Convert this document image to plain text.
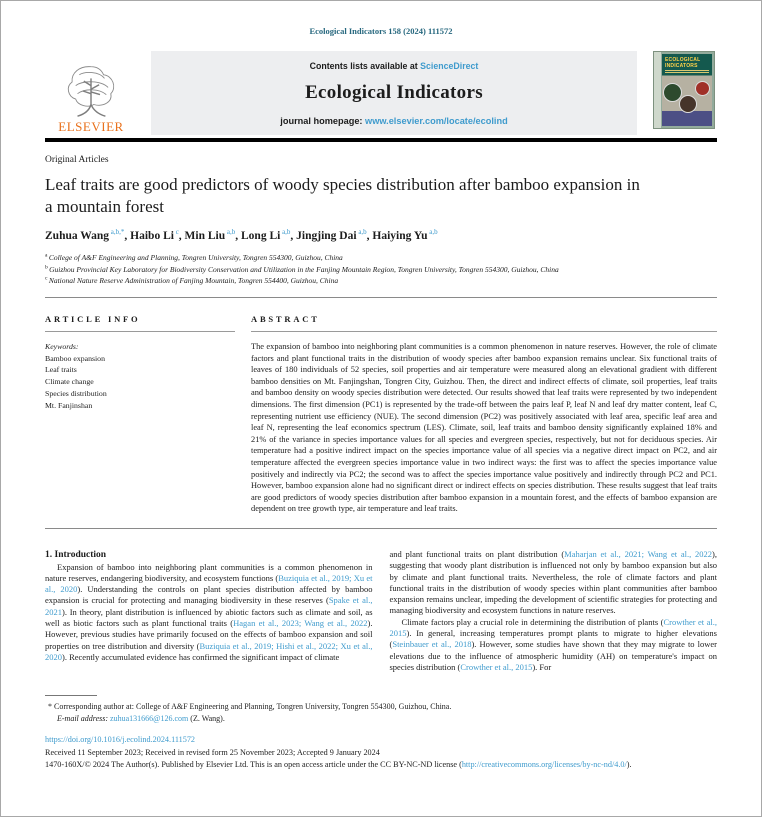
Ecological Indicators 158 (2024) 111572
ELSEVIER
Contents lists available at ScienceDirect
Ecological Indicators
journal homepage: www.elsevier.com/locate/ecolind
ECOLOGICAL
INDICATORS
Original Articles
Leaf traits are good predictors of woody species distribution after bamboo expansion in a mountain forest
Zuhua Wang $^{a,b,*}$, Haibo Li $^c$, Min Liu $^{a,b}$, Long Li $^{a,b}$, Jingjing Dai $^{a,b}$, Haiying Yu $^{a,b}$
$^a$ College of A&F Engineering and Planning, Tongren University, Tongren 554300, Guizhou, China
$^b$ Guizhou Provincial Key Laboratory for Biodiversity Conservation and Utilization in the Fanjing Mountain Region, Tongren University, Tongren 554300, Guizhou, China
$^c$ National Nature Reserve Administration of Fanjing Mountain, Tongren 554400, Guizhou, China
ARTICLE INFO
Keywords:
Bamboo expansion
Leaf traits
Climate change
Species distribution
Mt. Fanjinshan
ABSTRACT

The expansion of bamboo into neighboring plant communities is a common phenomenon in nature reserves. However, the role of climate factors and plant functional traits in the distribution of woody species after bamboo expansion remains unclear. Six functional traits of leaves of 180 individuals of 52 species, soil properties and air temperature were measured along an elevational gradient with different bamboo densities on Mt. Fanjingshan, Tongren City, Guizhou. Then, the direct and indirect effects of climate, soil properties, leaf traits and bamboo density on woody species distribution were detected. Our results showed that leaf traits were represented by two independent dimensions. The first dimension (PC1) is represented by the trade-off between the pairs leaf P, leaf N and leaf dry matter content, leaf C, representing nutrient use efficiency (NUE). The second dimension (PC2) was positively associated with leaf area, specific leaf area and leaf N, representing the leaf economics spectrum (LES). Climate, soil, leaf traits and bamboo density significantly explained 18% and 21% of the variance in species importance values for all species and evergreen species, respectively, but not for deciduous species. Air temperature had a positive indirect impact on the species importance value of all species via a negative direct impact on PC2, and air temperature affected the evergreen species importance value in two indirect ways: the first was to affect the species importance value positively and indirectly via PC2; the second was to affect the species importance value positively and indirectly through PC2 and PC1. However, bamboo expansion alone had no significant direct or indirect effects on species distribution. These results suggest that leaf traits are good predictors of woody species distribution after bamboo expansion in a mountain forest, and the effects of bamboo expansion are dependent on tree growth type, air temperature and leaf traits.

1. Introduction

Expansion of bamboo into neighboring plant communities is a common phenomenon in nature reserves, endangering biodiversity, and ecosystem functions (Buziquia et al., 2019; Xu et al., 2020). Understanding the controls on plant species distribution affected by bamboo expansion is crucial for protecting and managing biodiversity in these reserves (Spake et al., 2021). In theory, plant distribution is influenced by abiotic factors such as climate and soil, as well as biotic factors such as plant functional traits (Hagan et al., 2023; Wang et al., 2022). However, previous studies have primarily focused on the effects of bamboo expansion and soil properties on tree distribution and diversity (Buziquia et al., 2019; Hishi et al., 2022; Xu et al., 2020). Recently accumulated evidence has confirmed the significant impact of climate

and plant functional traits on plant distribution (Maharjan et al., 2021; Wang et al., 2022), suggesting that woody plant distribution is influenced not only by bamboo expansion but also by climate and plant functional traits. Nevertheless, the role of climate factors and plant functional traits in the distribution of woody species within plant communities after bamboo expansion remains unclear, impeding the development of scientific strategies for protecting and managing biodiversity and ecosystem functions in nature reserves.

Climate factors play a crucial role in determining the distribution of plants (Crowther et al., 2015). In general, increasing temperatures prompt plants to migrate to higher elevations (Steinbauer et al., 2018). However, some studies have shown that they may migrate to lower elevations due to the influence of atmospheric humidity (AH) on temperature's impact on species distribution (Crowther et al., 2015). For

* Corresponding author at: College of A&F Engineering and Planning, Tongren University, Tongren 554300, Guizhou, China.
E-mail address: zuhua131666@126.com (Z. Wang).
https://doi.org/10.1016/j.ecolind.2024.111572
Received 11 September 2023; Received in revised form 25 November 2023; Accepted 9 January 2024
1470-160X/© 2024 The Author(s). Published by Elsevier Ltd. This is an open access article under the CC BY-NC-ND license (http://creativecommons.org/licenses/by-nc-nd/4.0/).
